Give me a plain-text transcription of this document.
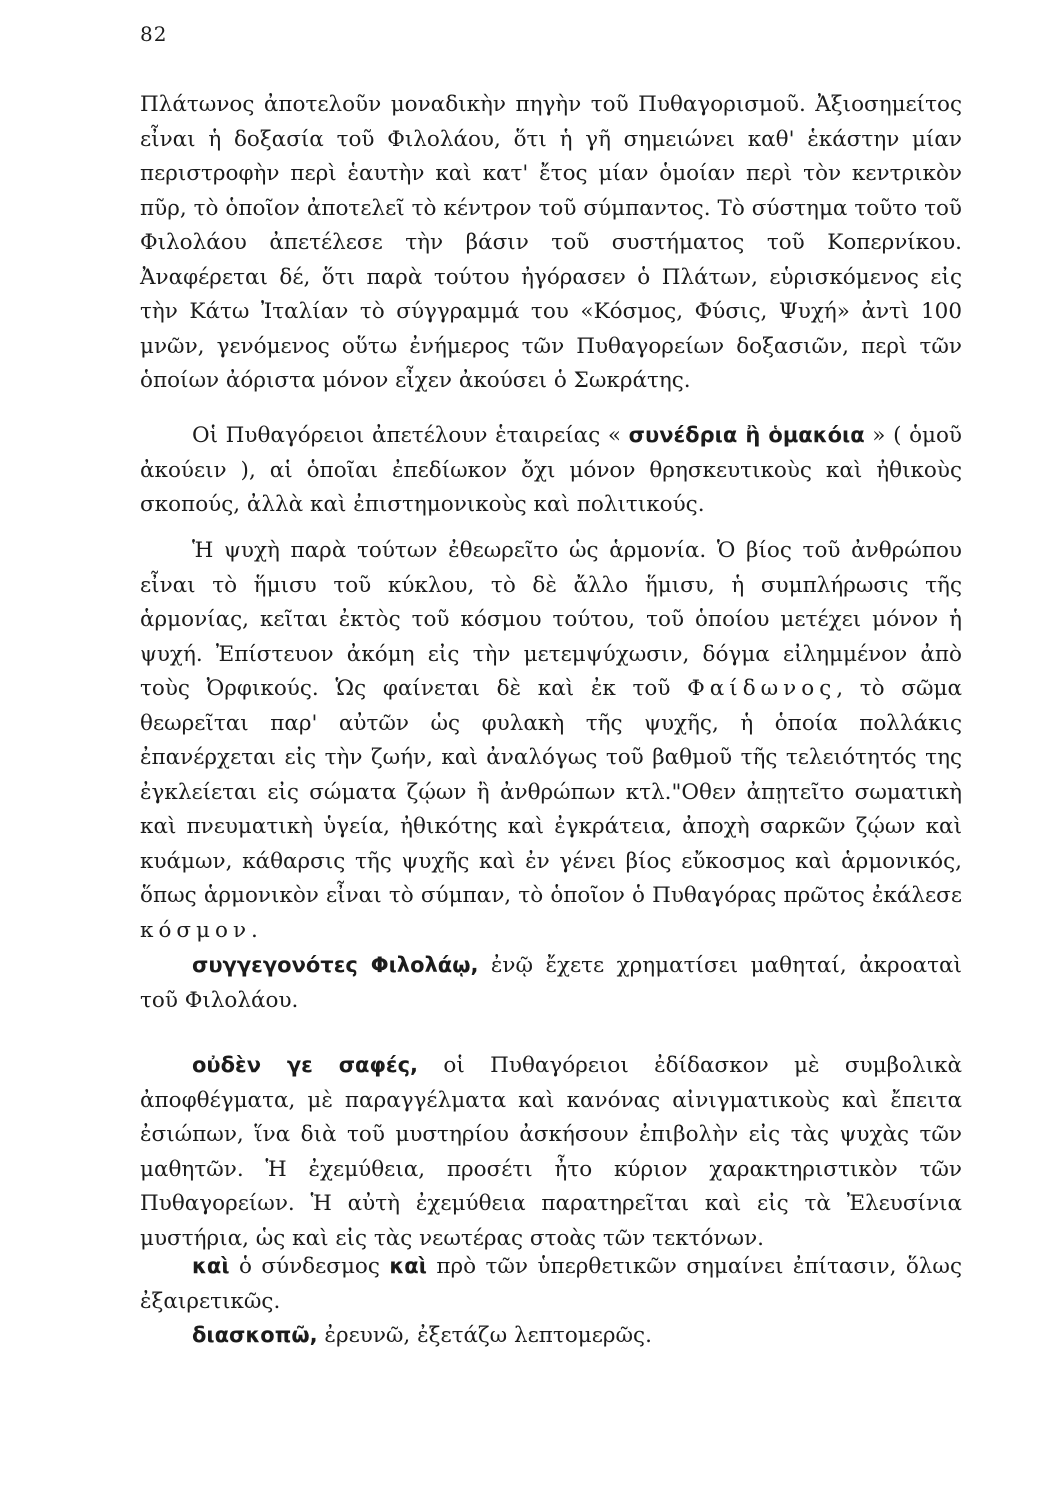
82

Πλάτωνος ἀποτελοῦν μοναδικὴν πηγὴν τοῦ Πυθαγορισμοῦ. Ἀξιοσημείτος εἶναι ἡ δοξασία τοῦ Φιλολάου, ὅτι ἡ γῆ σημειώνει καθ' ἑκάστην μίαν περιστροφὴν περὶ ἑαυτὴν καὶ κατ' ἔτος μίαν ὁμοίαν περὶ τὸν κεντρικὸν πῦρ, τὸ ὁποῖον ἀποτελεῖ τὸ κέντρον τοῦ σύμπαντος. Τὸ σύστημα τοῦτο τοῦ Φιλολάου ἀπετέλεσε τὴν βάσιν τοῦ συστήματος τοῦ Κοπερνίκου. Ἀναφέρεται δέ, ὅτι παρὰ τούτου ἠγόρασεν ὁ Πλάτων, εὑρισκόμενος εἰς τὴν Κάτω Ἰταλίαν τὸ σύγγραμμά του «Κόσμος, Φύσις, Ψυχή» ἀντὶ 100 μνῶν, γενόμενος οὕτω ἐνήμερος τῶν Πυθαγορείων δοξασιῶν, περὶ τῶν ὁποίων ἀόριστα μόνον εἶχεν ἀκούσει ὁ Σωκράτης.

Οἱ Πυθαγόρειοι ἀπετέλουν ἑταιρείας « συνέδρια ἢ ὁμακόια » ( ὁμοῦ ἀκούειν ), αἱ ὁποῖαι ἐπεδίωκον ὄχι μόνον θρησκευτικοὺς καὶ ἠθικοὺς σκοπούς, ἀλλὰ καὶ ἐπιστημονικοὺς καὶ πολιτικούς.

Ἡ ψυχὴ παρὰ τούτων ἐθεωρεῖτο ὡς ἁρμονία. Ὁ βίος τοῦ ἀνθρώπου εἶναι τὸ ἥμισυ τοῦ κύκλου, τὸ δὲ ἄλλο ἥμισυ, ἡ συμπλήρωσις τῆς ἁρμονίας, κεῖται ἐκτὸς τοῦ κόσμου τούτου, τοῦ ὁποίου μετέχει μόνον ἡ ψυχή. Ἐπίστευον ἀκόμη εἰς τὴν μετεμψύχωσιν, δόγμα εἰλημμένον ἀπὸ τοὺς Ὀρφικούς. Ὡς φαίνεται δὲ καὶ ἐκ τοῦ Φαίδωνος, τὸ σῶμα θεωρεῖται παρ' αὐτῶν ὡς φυλακὴ τῆς ψυχῆς, ἡ ὁποία πολλάκις ἐπανέρχεται εἰς τὴν ζωήν, καὶ ἀναλόγως τοῦ βαθμοῦ τῆς τελειότητός της ἐγκλείεται εἰς σώματα ζῴων ἢ ἀνθρώπων κτλ."Οθεν ἀπῃτεῖτο σωματικὴ καὶ πνευματικὴ ὑγεία, ἠθικότης καὶ ἐγκράτεια, ἀποχὴ σαρκῶν ζῴων καὶ κυάμων, κάθαρσις τῆς ψυχῆς καὶ ἐν γένει βίος εὔκοσμος καὶ ἁρμονικός, ὅπως ἁρμονικὸν εἶναι τὸ σύμπαν, τὸ ὁποῖον ὁ Πυθαγόρας πρῶτος ἐκάλεσε κόσμον.

συγγεγονότες Φιλολάῳ, ἐνῷ ἔχετε χρηματίσει μαθηταί, ἀκροαταὶ τοῦ Φιλολάου.

οὐδὲν γε σαφές, οἱ Πυθαγόρειοι ἐδίδασκον μὲ συμβολικὰ ἀποφθέγματα, μὲ παραγγέλματα καὶ κανόνας αἰνιγματικοὺς καὶ ἔπειτα ἐσιώπων, ἵνα διὰ τοῦ μυστηρίου ἀσκήσουν ἐπιβολὴν εἰς τὰς ψυχὰς τῶν μαθητῶν. Ἡ ἐχεμύθεια, προσέτι ἦτο κύριον χαρακτηριστικὸν τῶν Πυθαγορείων. Ἡ αὐτὴ ἐχεμύθεια παρατηρεῖται καὶ εἰς τὰ Ἐλευσίνια μυστήρια, ὡς καὶ εἰς τὰς νεωτέρας στοὰς τῶν τεκτόνων.

καὶ ὁ σύνδεσμος καὶ πρὸ τῶν ὑπερθετικῶν σημαίνει ἐπίτασιν, ὅλως ἐξαιρετικῶς.

διασκοπῶ, ἐρευνῶ, ἐξετάζω λεπτομερῶς.
